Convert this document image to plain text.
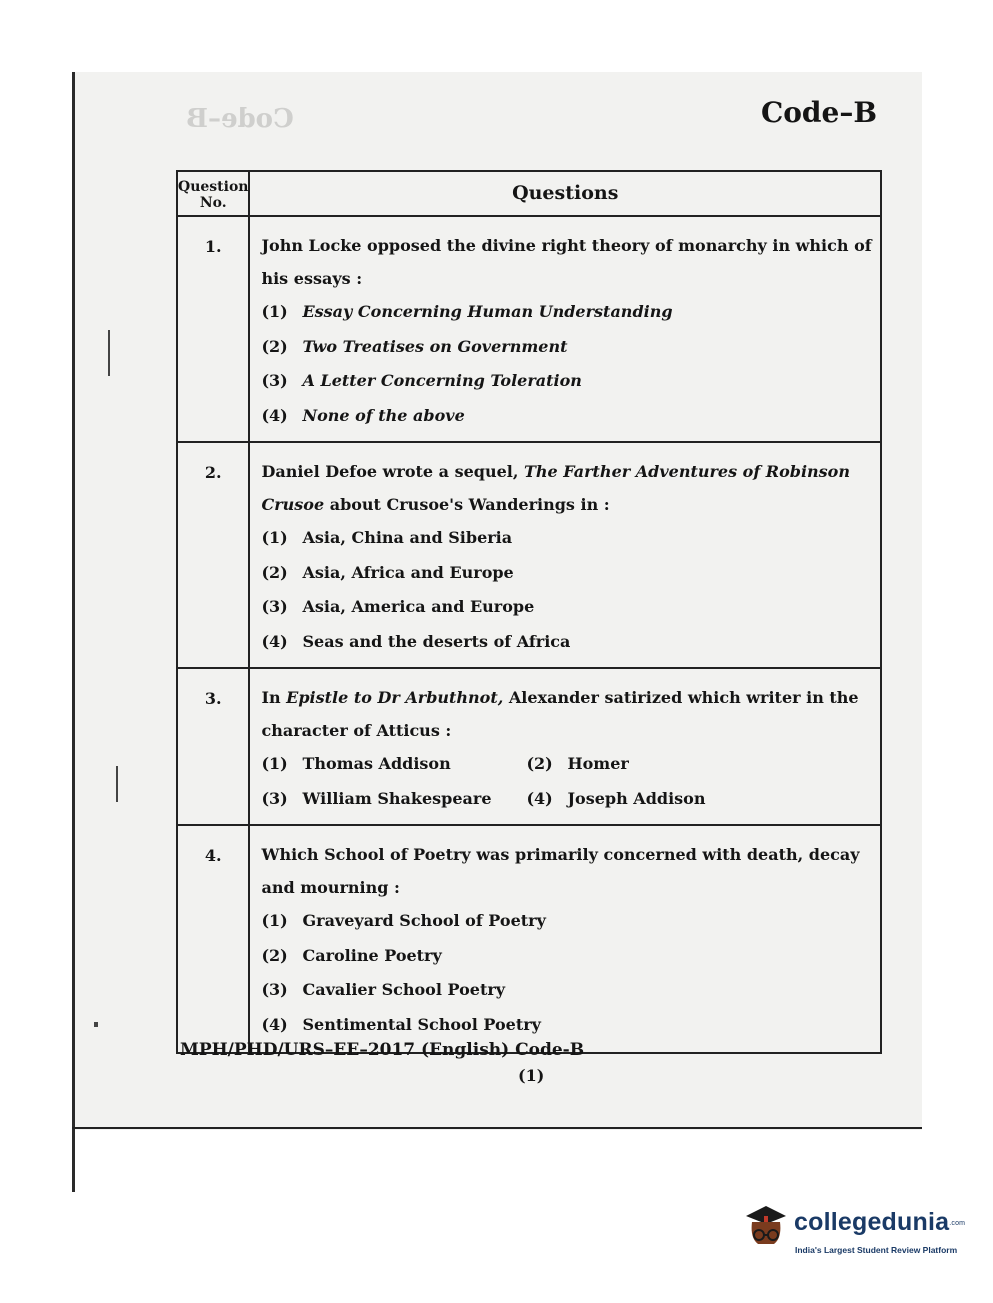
Code–B	Code–B
Question
No.	Questions
1.	John Locke opposed the divine right theory of monarchy in which of his essays :
(1) Essay Concerning Human Understanding
(2) Two Treatises on Government
(3) A Letter Concerning Toleration
(4) None of the above

2.	Daniel Defoe wrote a sequel, The Farther Adventures of Robinson Crusoe about Crusoe's Wanderings in :
(1) Asia, China and Siberia
(2) Asia, Africa and Europe
(3) Asia, America and Europe
(4) Seas and the deserts of Africa

3.	In Epistle to Dr Arbuthnot, Alexander satirized which writer in the character of Atticus :
(1) Thomas Addison (2) Homer
(3) William Shakespeare (4) Joseph Addison

4.	Which School of Poetry was primarily concerned with death, decay and mourning :
(1) Graveyard School of Poetry
(2) Caroline Poetry
(3) Cavalier School Poetry
(4) Sentimental School Poetry
MPH/PHD/URS–EE–2017 (English) Code-B
(1)
collegedunia.com
India's Largest Student Review Platform
